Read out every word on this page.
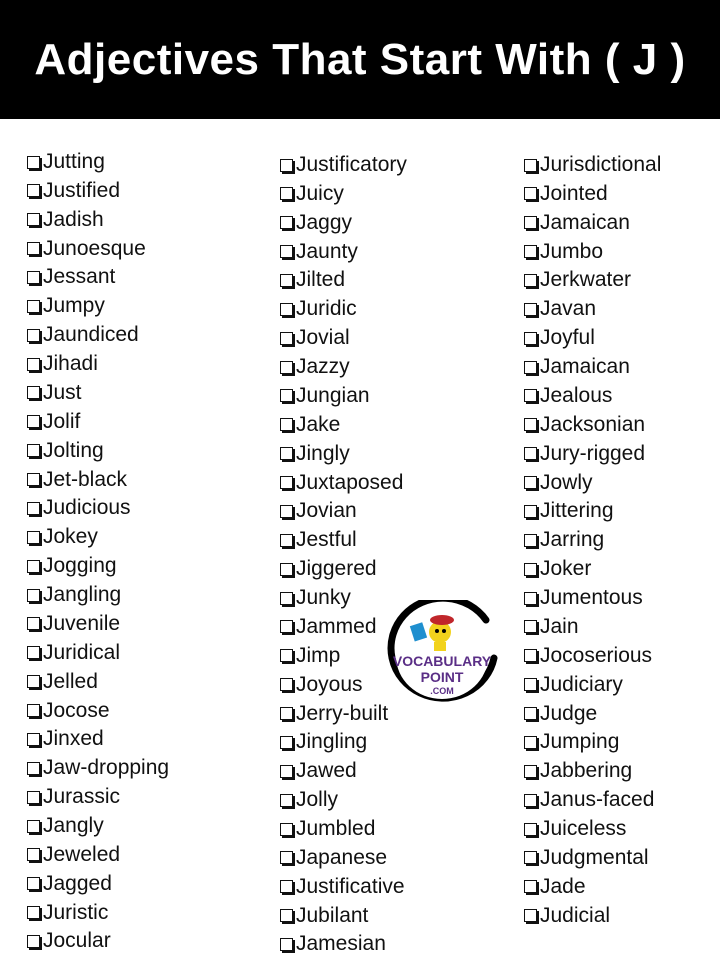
Adjectives That Start With ( J )
Jutting
Justified
Jadish
Junoesque
Jessant
Jumpy
Jaundiced
Jihadi
Just
Jolif
Jolting
Jet-black
Judicious
Jokey
Jogging
Jangling
Juvenile
Juridical
Jelled
Jocose
Jinxed
Jaw-dropping
Jurassic
Jangly
Jeweled
Jagged
Juristic
Jocular
Justificatory
Juicy
Jaggy
Jaunty
Jilted
Juridic
Jovial
Jazzy
Jungian
Jake
Jingly
Juxtaposed
Jovian
Jestful
Jiggered
Junky
Jammed
Jimp
Joyous
Jerry-built
Jingling
Jawed
Jolly
Jumbled
Japanese
Justificative
Jubilant
Jamesian
Jurisdictional
Jointed
Jamaican
Jumbo
Jerkwater
Javan
Joyful
Jamaican
Jealous
Jacksonian
Jury-rigged
Jowly
Jittering
Jarring
Joker
Jumentous
Jain
Jocoserious
Judiciary
Judge
Jumping
Jabbering
Janus-faced
Juiceless
Judgmental
Jade
Judicial
VOCABULARY
POINT
.COM
